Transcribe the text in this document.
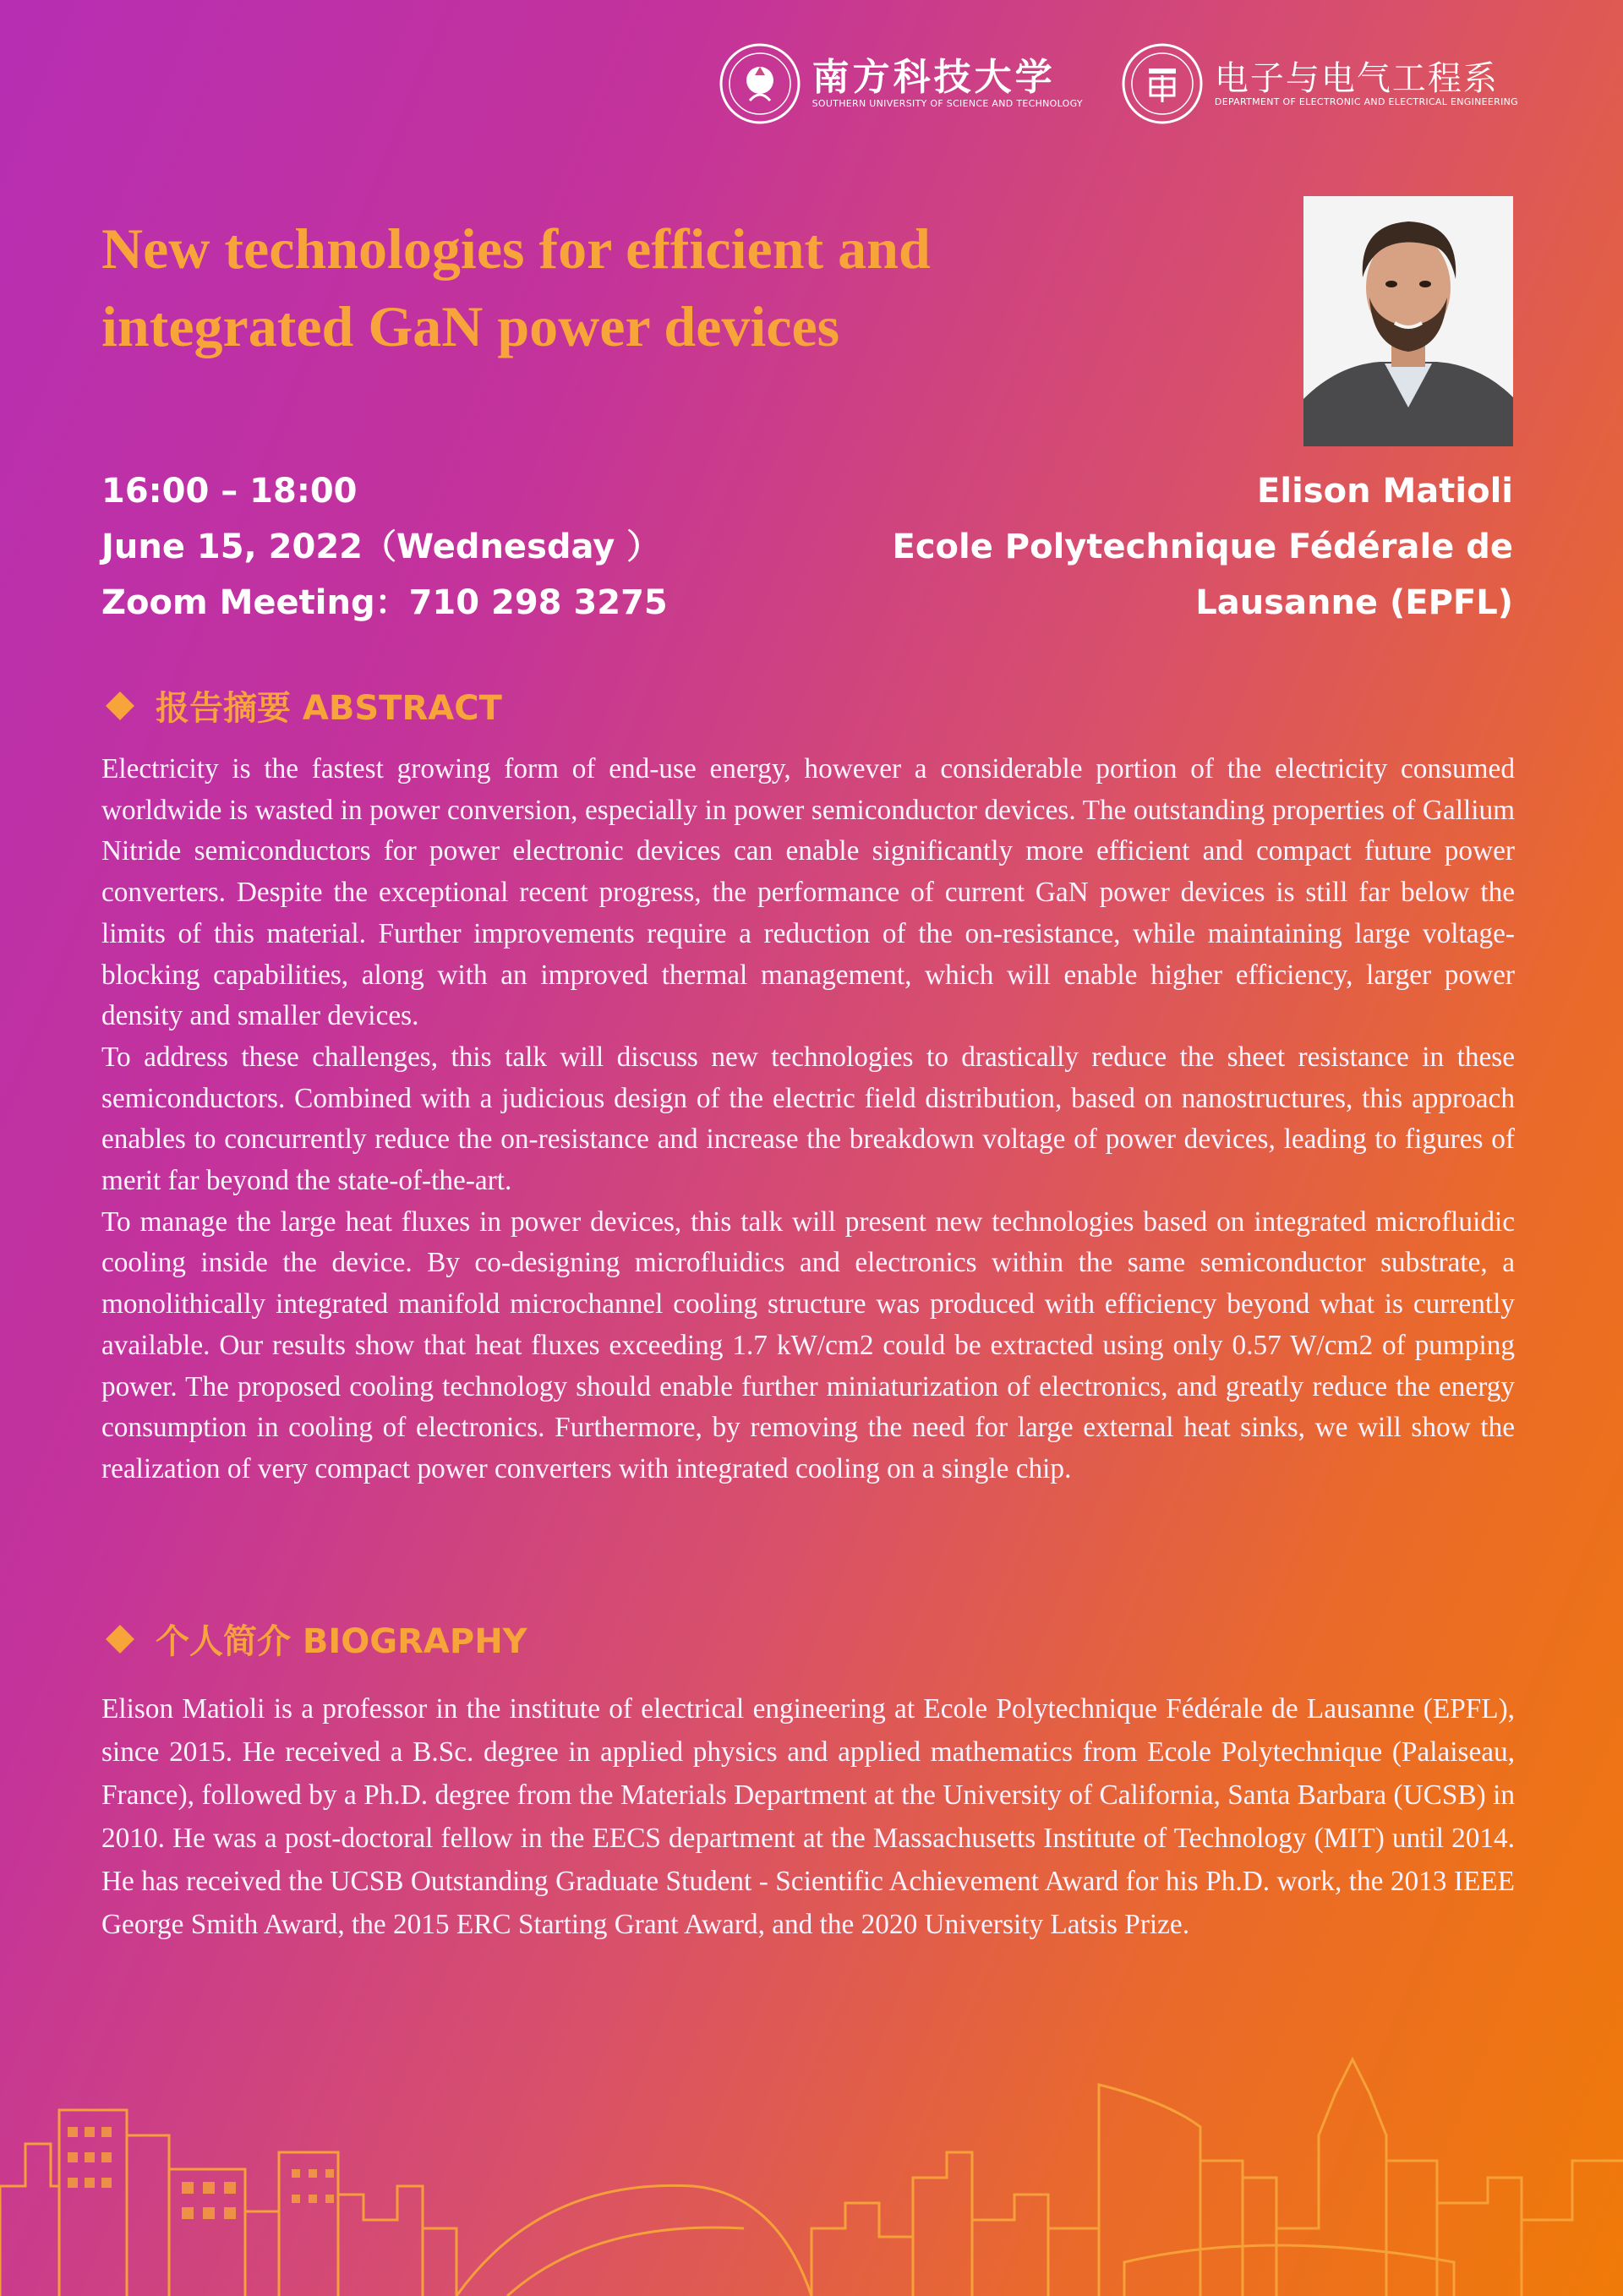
南方科技大学
SOUTHERN UNIVERSITY OF SCIENCE AND TECHNOLOGY
电子与电气工程系
DEPARTMENT OF ELECTRONIC AND ELECTRICAL ENGINEERING
New technologies for efficient and
integrated GaN power devices
16:00 – 18:00
June 15, 2022（Wednesday ）
Zoom Meeting：710 298 3275
Elison Matioli
Ecole Polytechnique Fédérale de
Lausanne (EPFL)
报告摘要 ABSTRACT

Electricity is the fastest growing form of end-use energy, however a considerable portion of the electricity consumed worldwide is wasted in power conversion, especially in power semiconductor devices. The outstanding properties of Gallium Nitride semiconductors for power electronic devices can enable significantly more efficient and compact future power converters. Despite the exceptional recent progress, the performance of current GaN power devices is still far below the limits of this material. Further improvements require a reduction of the on-resistance, while maintaining large voltage-blocking capabilities, along with an improved thermal management, which will enable higher efficiency, larger power density and smaller devices.

To address these challenges, this talk will discuss new technologies to drastically reduce the sheet resistance in these semiconductors. Combined with a judicious design of the electric field distribution, based on nanostructures, this approach enables to concurrently reduce the on-resistance and increase the breakdown voltage of power devices, leading to figures of merit far beyond the state-of-the-art.

To manage the large heat fluxes in power devices, this talk will present new technologies based on integrated microfluidic cooling inside the device. By co-designing microfluidics and electronics within the same semiconductor substrate, a monolithically integrated manifold microchannel cooling structure was produced with efficiency beyond what is currently available. Our results show that heat fluxes exceeding 1.7 kW/cm2 could be extracted using only 0.57 W/cm2 of pumping power. The proposed cooling technology should enable further miniaturization of electronics, and greatly reduce the energy consumption in cooling of electronics. Furthermore, by removing the need for large external heat sinks, we will show the realization of very compact power converters with integrated cooling on a single chip.

个人简介 BIOGRAPHY

Elison Matioli is a professor in the institute of electrical engineering at Ecole Polytechnique Fédérale de Lausanne (EPFL), since 2015. He received a B.Sc. degree in applied physics and applied mathematics from Ecole Polytechnique (Palaiseau, France), followed by a Ph.D. degree from the Materials Department at the University of California, Santa Barbara (UCSB) in 2010. He was a post-doctoral fellow in the EECS department at the Massachusetts Institute of Technology (MIT) until 2014. He has received the UCSB Outstanding Graduate Student - Scientific Achievement Award for his Ph.D. work, the 2013 IEEE George Smith Award, the 2015 ERC Starting Grant Award, and the 2020 University Latsis Prize.
